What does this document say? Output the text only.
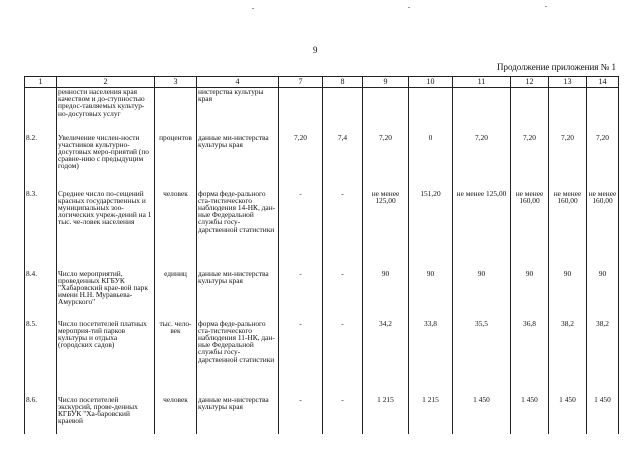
9
Продолжение приложения № 1
1	2	3	4	7	8	9	10	11	12	13	14
	ренности населения края качеством и до-ступностью предос-тавляемых культур-но-досуговых услуг		нистерства культуры края								
8.2.	Увеличение числен-ности участников культурно-досуговых меро-приятий (по сравне-нию с предыдущим годом)	процентов	данные ми-нистерства культуры края	7,20	7,4	7,20	0	7,20	7,20	7,20	7,20
8.3.	Среднее число по-сещений красных государственных и муниципальных зоо-логических учреж-дений на 1 тыс. че-ловек населения	человек	форма феде-рального ста-тистического наблюдения 14-НК, дан-ные Федеральной службы госу-дарственной статистики	-	-	не менее 125,00	151,20	не менее 125,00	не менее 160,00	не менее 160,00	не менее 160,00
8.4.	Число мероприятий, проведенных КГБУК "Хабаровский крае-вой парк имени Н.Н. Муравьева-Амурского"	единиц	данные ми-нистерства культуры края	-	-	90	90	90	90	90	90
8.5.	Число посетителей платных мероприя-тий парков культуры и отдыха (городских садов)	тыс. чело-век	форма феде-рального ста-тистического наблюдения 11-НК, дан-ные Федеральной службы госу-дарственной статистики	-	-	34,2	33,8	35,5	36,8	38,2	38,2
8.6.	Число посетителей экскурсий, прове-денных КГБУК "Ха-баровский краевой	человек	данные ми-нистерства культуры края	-	-	1 215	1 215	1 450	1 450	1 450	1 450
